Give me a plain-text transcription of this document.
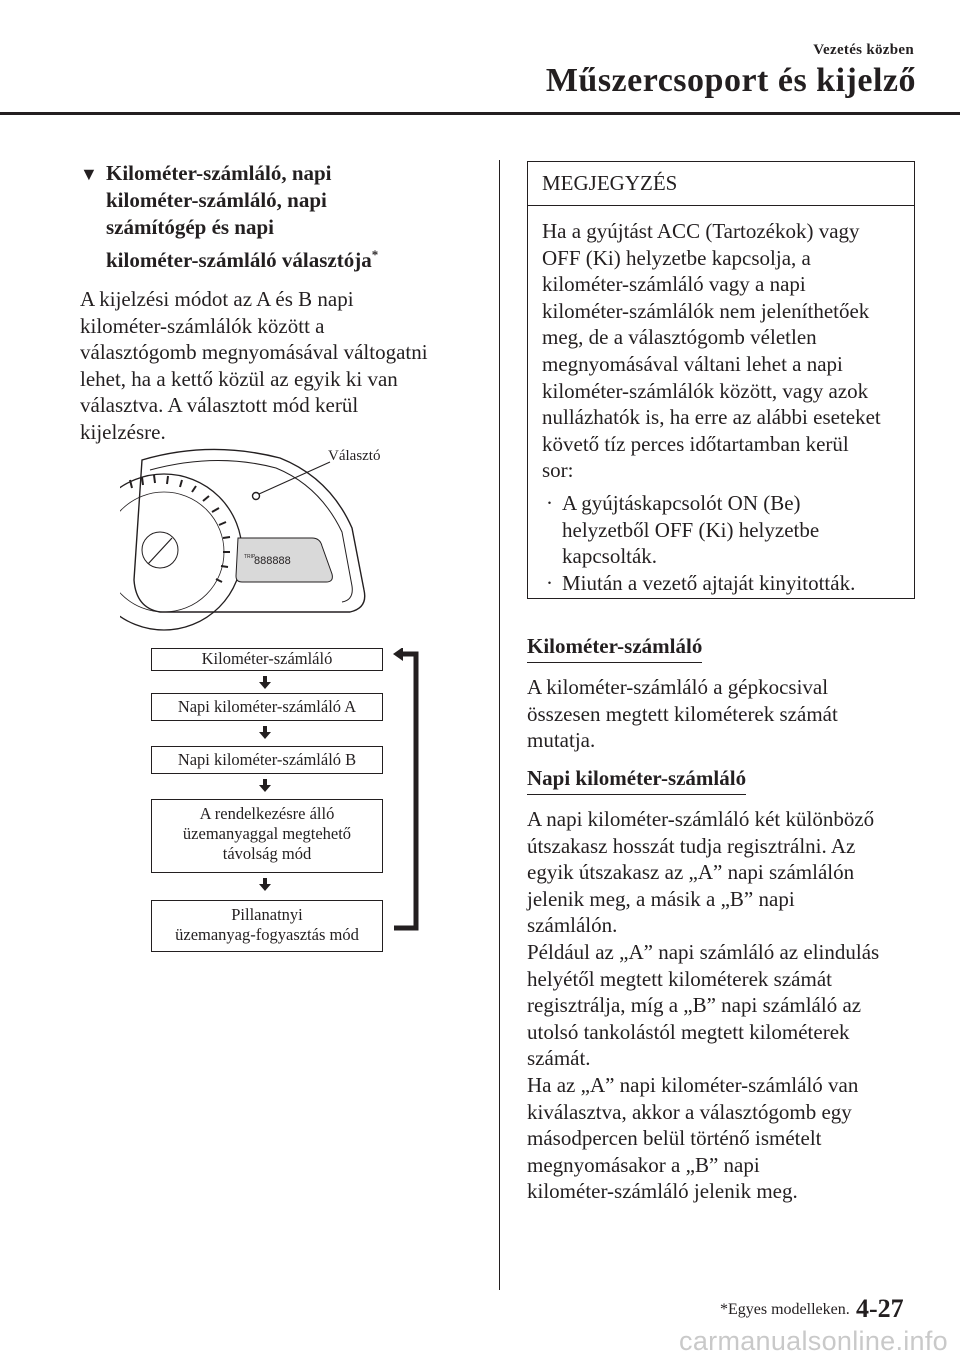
Vezetés közben
Műszercsoport és kijelző
▼ Kilométer-számláló, napi
kilométer-számláló, napi
számítógép és napi
kilométer-számláló választója*
A kijelzési módot az A és B napi
kilométer-számlálók között a
választógomb megnyomásával váltogatni
lehet, ha a kettő közül az egyik ki van
választva. A választott mód kerül
kijelzésre.
Választó
TRIP
888888
Kilométer-számláló
Napi kilométer-számláló A
Napi kilométer-számláló B
A rendelkezésre álló
üzemanyaggal megtehető
távolság mód
Pillanatnyi
üzemanyag-fogyasztás mód
MEGJEGYZÉS
Ha a gyújtást ACC (Tartozékok) vagy
OFF (Ki) helyzetbe kapcsolja, a
kilométer-számláló vagy a napi
kilométer-számlálók nem jeleníthetőek
meg, de a választógomb véletlen
megnyomásával váltani lehet a napi
kilométer-számlálók között, vagy azok
nullázhatók is, ha erre az alábbi eseteket
követő tíz perces időtartamban kerül
sor:
· A gyújtáskapcsolót ON (Be)
helyzetből OFF (Ki) helyzetbe
kapcsolták.
· Miután a vezető ajtaját kinyitották.
Kilométer-számláló
A kilométer-számláló a gépkocsival
összesen megtett kilométerek számát
mutatja.
Napi kilométer-számláló
A napi kilométer-számláló két különböző
útszakasz hosszát tudja regisztrálni. Az
egyik útszakasz az „A” napi számlálón
jelenik meg, a másik a „B” napi
számlálón.
Például az „A” napi számláló az elindulás
helyétől megtett kilométerek számát
regisztrálja, míg a „B” napi számláló az
utolsó tankolástól megtett kilométerek
számát.
Ha az „A” napi kilométer-számláló van
kiválasztva, akkor a választógomb egy
másodpercen belül történő ismételt
megnyomásakor a „B” napi
kilométer-számláló jelenik meg.
*Egyes modelleken. 4-27
carmanualsonline.info
